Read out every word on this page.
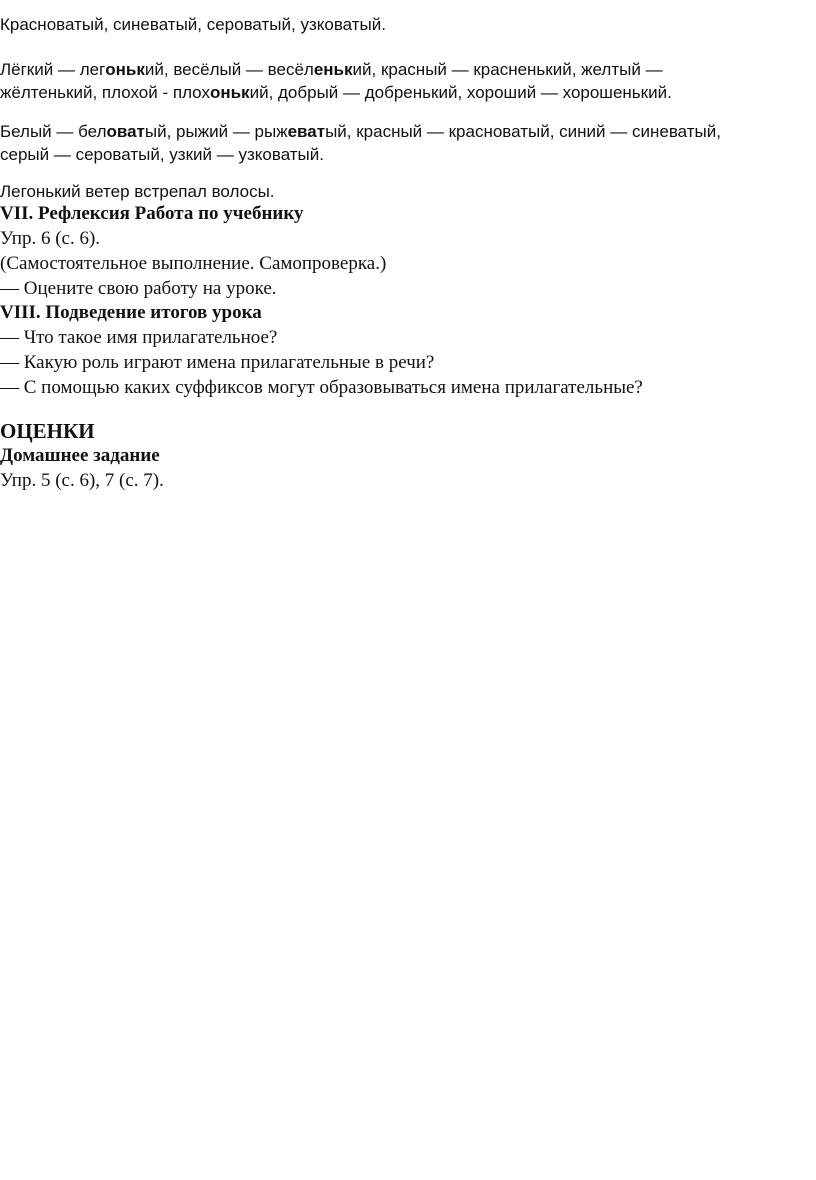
Красноватый, синеватый, сероватый, узковатый.

Лёгкий — легонький, весёлый — весёленький, красный — красненький, желтый —

жёлтенький, плохой - плохонький, добрый — добренький, хороший — хорошенький.

Белый — беловатый, рыжий — рыжеватый, красный — красноватый, синий — синеватый,

серый — сероватый, узкий — узковатый.

Легонький ветер встрепал волосы.

VII. Рефлексия Работа по учебнику

Упр. 6 (с. 6).

(Самостоятельное выполнение. Самопроверка.)

— Оцените свою работу на уроке.

VIII. Подведение итогов урока

— Что такое имя прилагательное?

— Какую роль играют имена прилагательные в речи?

— С помощью каких суффиксов могут образовываться имена прилагательные?

ОЦЕНКИ

Домашнее задание

Упр. 5 (с. 6), 7 (с. 7).
